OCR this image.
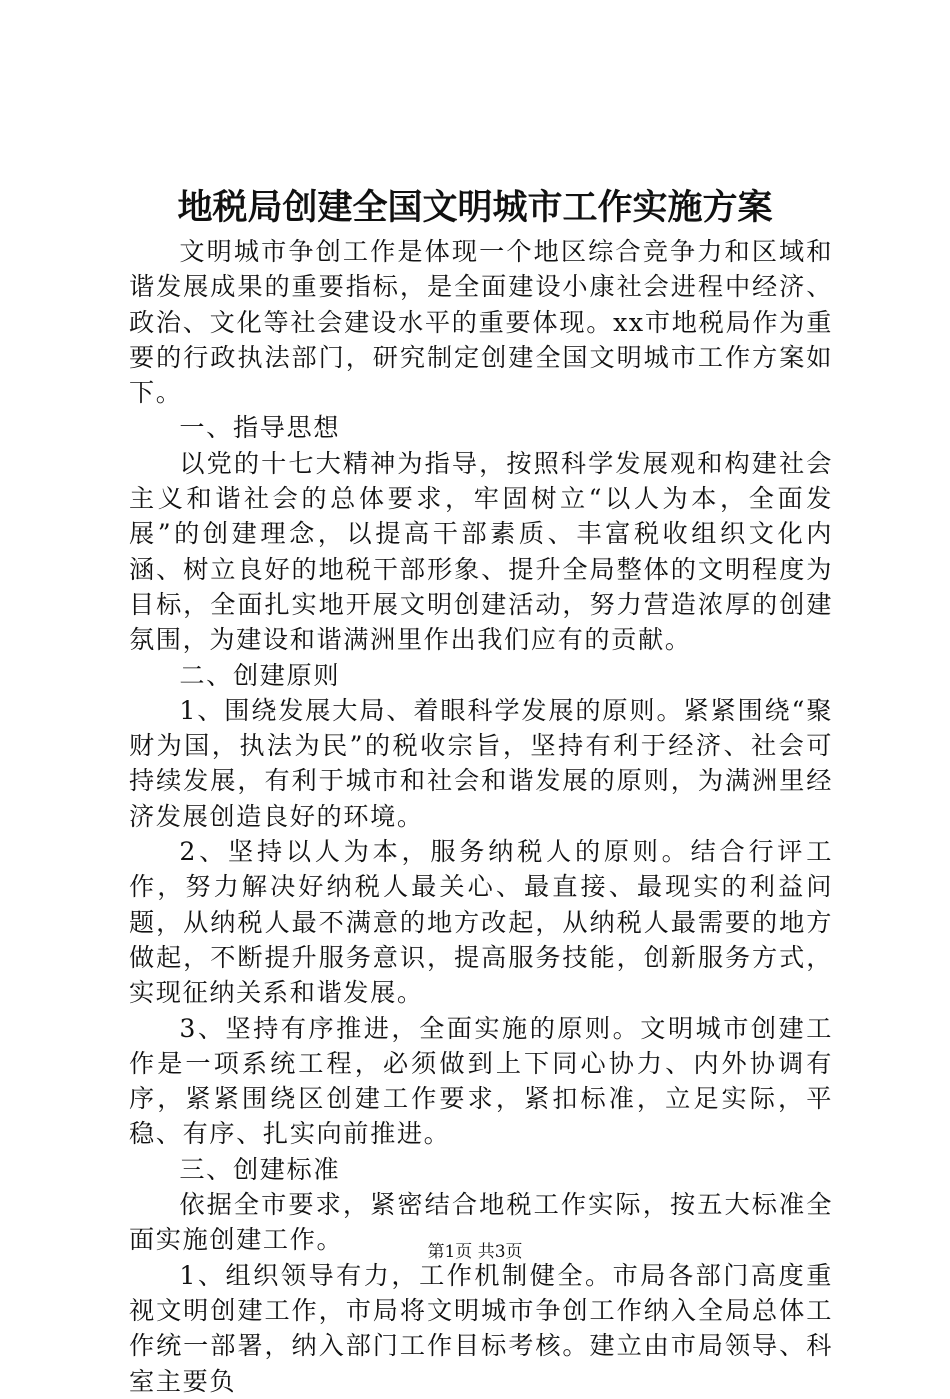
地税局创建全国文明城市工作实施方案

文明城市争创工作是体现一个地区综合竞争力和区域和谐发展成果的重要指标，是全面建设小康社会进程中经济、政治、文化等社会建设水平的重要体现。xx市地税局作为重要的行政执法部门，研究制定创建全国文明城市工作方案如下。

一、指导思想

以党的十七大精神为指导，按照科学发展观和构建社会主义和谐社会的总体要求，牢固树立“以人为本，全面发展”的创建理念，以提高干部素质、丰富税收组织文化内涵、树立良好的地税干部形象、提升全局整体的文明程度为目标，全面扎实地开展文明创建活动，努力营造浓厚的创建氛围，为建设和谐满洲里作出我们应有的贡献。

二、创建原则

1、围绕发展大局、着眼科学发展的原则。紧紧围绕“聚财为国，执法为民”的税收宗旨，坚持有利于经济、社会可持续发展，有利于城市和社会和谐发展的原则，为满洲里经济发展创造良好的环境。

2、坚持以人为本，服务纳税人的原则。结合行评工作，努力解决好纳税人最关心、最直接、最现实的利益问题，从纳税人最不满意的地方改起，从纳税人最需要的地方做起，不断提升服务意识，提高服务技能，创新服务方式，实现征纳关系和谐发展。

3、坚持有序推进，全面实施的原则。文明城市创建工作是一项系统工程，必须做到上下同心协力、内外协调有序，紧紧围绕区创建工作要求，紧扣标准，立足实际，平稳、有序、扎实向前推进。

三、创建标准

依据全市要求，紧密结合地税工作实际，按五大标准全面实施创建工作。

1、组织领导有力，工作机制健全。市局各部门高度重视文明创建工作，市局将文明城市争创工作纳入全局总体工作统一部署，纳入部门工作目标考核。建立由市局领导、科室主要负

第1页 共3页
